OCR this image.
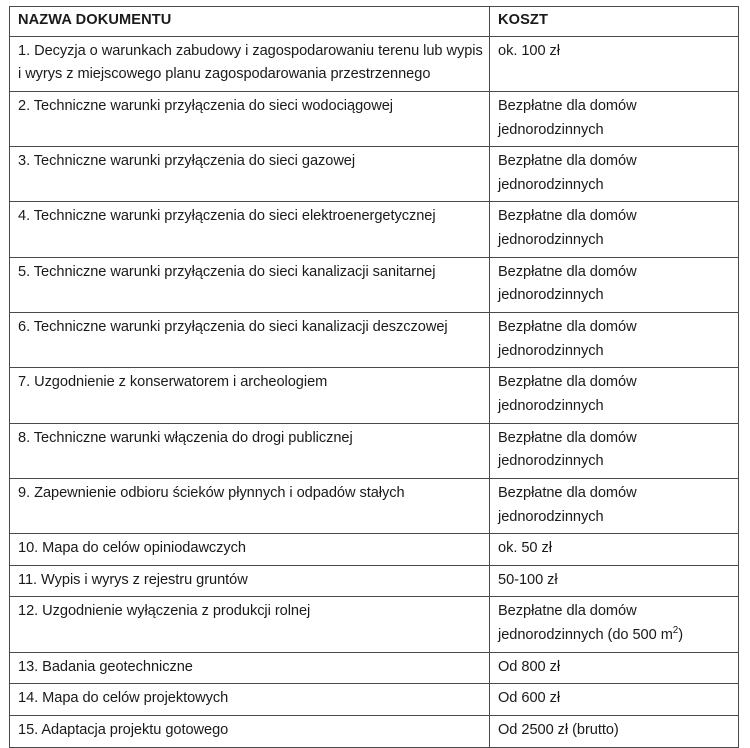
NAZWA DOKUMENTU	KOSZT
1. Decyzja o warunkach zabudowy i zagospodarowaniu terenu lub wypis i wyrys z miejscowego planu zagospodarowania przestrzennego	ok. 100 zł
2. Techniczne warunki przyłączenia do sieci wodociągowej	Bezpłatne dla domów jednorodzinnych
3. Techniczne warunki przyłączenia do sieci gazowej	Bezpłatne dla domów jednorodzinnych
4. Techniczne warunki przyłączenia do sieci elektroenergetycznej	Bezpłatne dla domów jednorodzinnych
5. Techniczne warunki przyłączenia do sieci kanalizacji sanitarnej	Bezpłatne dla domów jednorodzinnych
6. Techniczne warunki przyłączenia do sieci kanalizacji deszczowej	Bezpłatne dla domów jednorodzinnych
7. Uzgodnienie z konserwatorem i archeologiem	Bezpłatne dla domów jednorodzinnych
8. Techniczne warunki włączenia do drogi publicznej	Bezpłatne dla domów jednorodzinnych
9. Zapewnienie odbioru ścieków płynnych i odpadów stałych	Bezpłatne dla domów jednorodzinnych
10. Mapa do celów opiniodawczych	ok. 50 zł
11. Wypis i wyrys z rejestru gruntów	50-100 zł
12. Uzgodnienie wyłączenia z produkcji rolnej	Bezpłatne dla domów jednorodzinnych (do 500 $m^2$)
13. Badania geotechniczne	Od 800 zł
14. Mapa do celów projektowych	Od 600 zł
15. Adaptacja projektu gotowego	Od 2500 zł (brutto)
